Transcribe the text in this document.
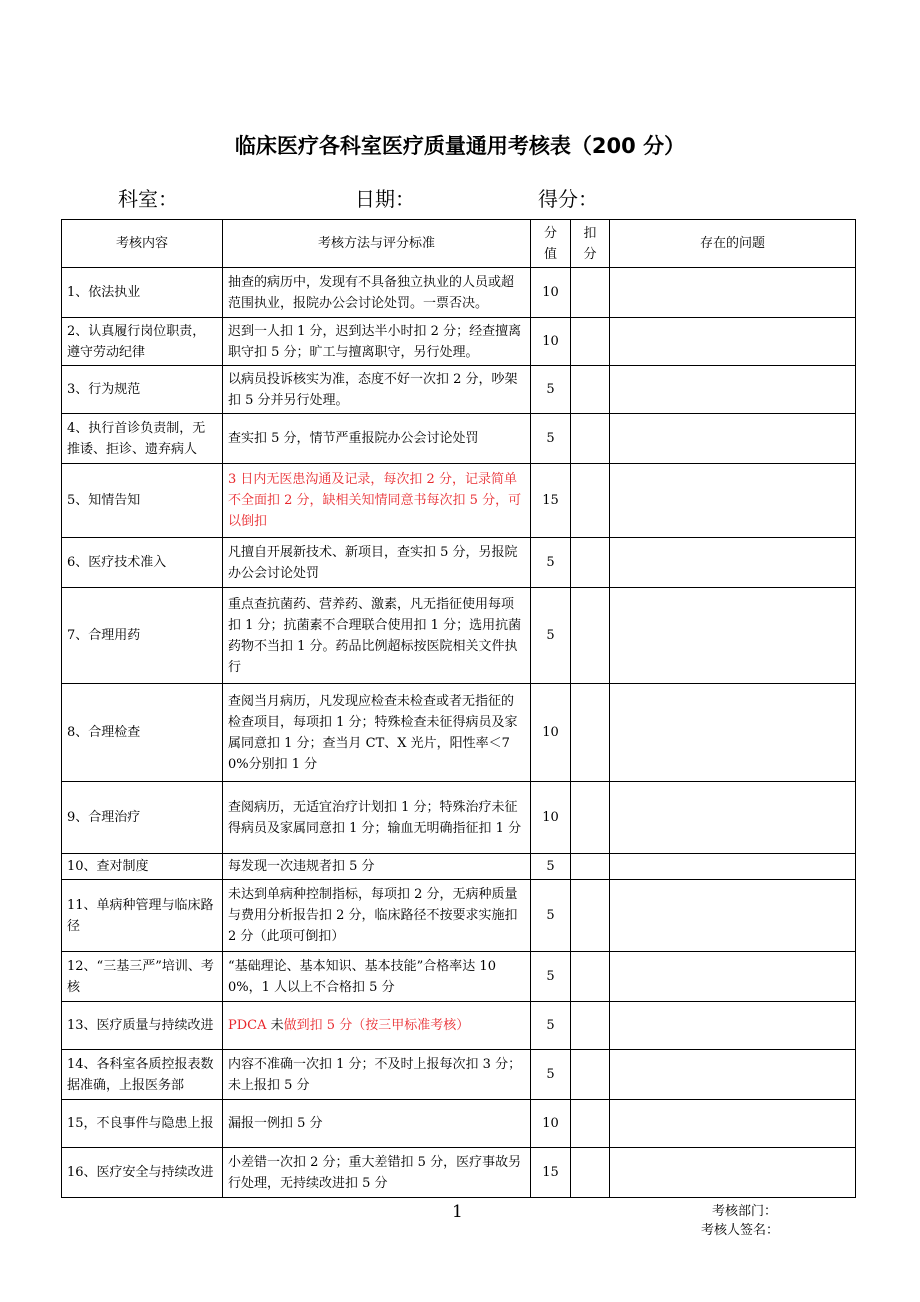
临床医疗各科室医疗质量通用考核表（200 分）
科室：	日期：	得分：
考核内容	考核方法与评分标准	分值	扣分	存在的问题
1、依法执业	抽查的病历中，发现有不具备独立执业的人员或超范围执业，报院办公会讨论处罚。一票否决。	10		
2、认真履行岗位职责，遵守劳动纪律	迟到一人扣 1 分，迟到达半小时扣 2 分；经查擅离职守扣 5 分；旷工与擅离职守，另行处理。	10		
3、行为规范	以病员投诉核实为准，态度不好一次扣 2 分，吵架扣 5 分并另行处理。	5		
4、执行首诊负责制，无推诿、拒诊、遗弃病人	查实扣 5 分，情节严重报院办公会讨论处罚	5		
5、知情告知	3 日内无医患沟通及记录，每次扣 2 分，记录简单不全面扣 2 分，缺相关知情同意书每次扣 5 分，可以倒扣	15		
6、医疗技术准入	凡擅自开展新技术、新项目，查实扣 5 分，另报院办公会讨论处罚	5		
7、合理用药	重点查抗菌药、营养药、激素，凡无指征使用每项扣 1 分；抗菌素不合理联合使用扣 1 分；选用抗菌药物不当扣 1 分。药品比例超标按医院相关文件执行	5		
8、合理检查	查阅当月病历，凡发现应检查未检查或者无指征的检查项目，每项扣 1 分；特殊检查未征得病员及家属同意扣 1 分；查当月 CT、X 光片，阳性率＜70%分别扣 1 分	10		
9、合理治疗	查阅病历，无适宜治疗计划扣 1 分；特殊治疗未征得病员及家属同意扣 1 分；输血无明确指征扣 1 分	10		
10、查对制度	每发现一次违规者扣 5 分	5		
11、单病种管理与临床路径	未达到单病种控制指标，每项扣 2 分，无病种质量与费用分析报告扣 2 分，临床路径不按要求实施扣 2 分（此项可倒扣）	5		
12、“三基三严”培训、考核	“基础理论、基本知识、基本技能”合格率达 100%，1 人以上不合格扣 5 分	5		
13、医疗质量与持续改进	PDCA 未做到扣 5 分（按三甲标准考核）	5		
14、各科室各质控报表数据准确，上报医务部	内容不准确一次扣 1 分；不及时上报每次扣 3 分；未上报扣 5 分	5		
15，不良事件与隐患上报	漏报一例扣 5 分	10		
16、医疗安全与持续改进	小差错一次扣 2 分；重大差错扣 5 分，医疗事故另行处理，无持续改进扣 5 分	15		
1	考核部门：
考核人签名：
